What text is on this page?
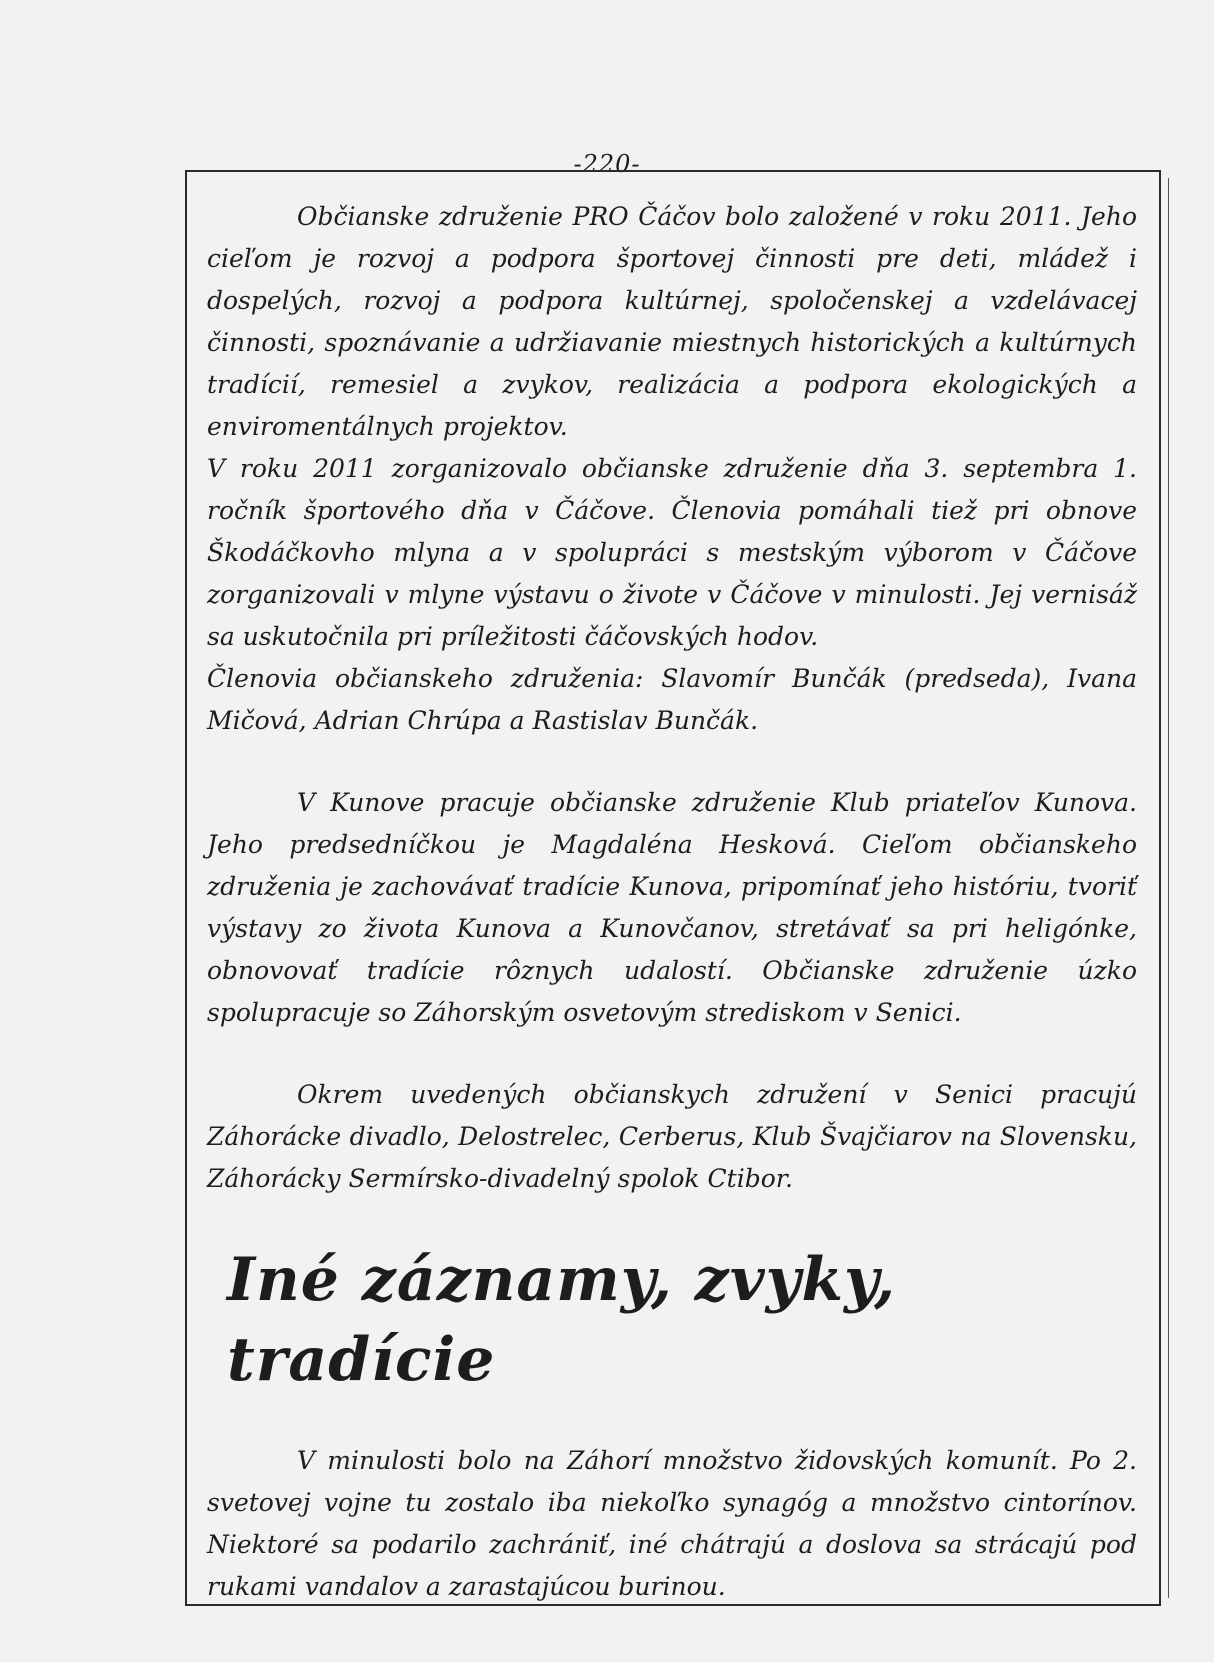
-220-

Občianske združenie PRO Čáčov bolo založené v roku 2011. Jeho cieľom je rozvoj a podpora športovej činnosti pre deti, mládež i dospelých, rozvoj a podpora kultúrnej, spoločenskej a vzdelávacej činnosti, spoznávanie a udržiavanie miestnych historických a kultúrnych tradícií, remesiel a zvykov, realizácia a podpora ekologických a enviromentálnych projektov.

V roku 2011 zorganizovalo občianske združenie dňa 3. septembra 1. ročník športového dňa v Čáčove. Členovia pomáhali tiež pri obnove Škodáčkovho mlyna a v spolupráci s mestským výborom v Čáčove zorganizovali v mlyne výstavu o živote v Čáčove v minulosti. Jej vernisáž sa uskutočnila pri príležitosti čáčovských hodov.

Členovia občianskeho združenia: Slavomír Bunčák (predseda), Ivana Mičová, Adrian Chrúpa a Rastislav Bunčák.

V Kunove pracuje občianske združenie Klub priateľov Kunova. Jeho predsedníčkou je Magdaléna Hesková. Cieľom občianskeho združenia je zachovávať tradície Kunova, pripomínať jeho históriu, tvoriť výstavy zo života Kunova a Kunovčanov, stretávať sa pri heligónke, obnovovať tradície rôznych udalostí. Občianske združenie úzko spolupracuje so Záhorským osvetovým strediskom v Senici.

Okrem uvedených občianskych združení v Senici pracujú Záhorácke divadlo, Delostrelec, Cerberus, Klub Švajčiarov na Slovensku, Záhorácky Sermírsko-divadelný spolok Ctibor.

Iné záznamy, zvyky, tradície

V minulosti bolo na Záhorí množstvo židovských komunít. Po 2. svetovej vojne tu zostalo iba niekoľko synagóg a množstvo cintorínov. Niektoré sa podarilo zachrániť, iné chátrajú a doslova sa strácajú pod rukami vandalov a zarastajúcou burinou.
